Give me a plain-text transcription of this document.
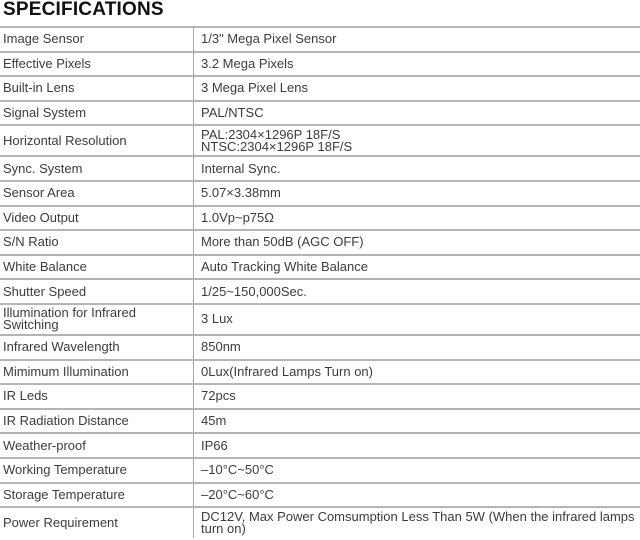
SPECIFICATIONS
Image Sensor	1/3" Mega Pixel Sensor
Effective Pixels	3.2 Mega Pixels
Built-in Lens	3 Mega Pixel Lens
Signal System	PAL/NTSC
Horizontal Resolution	PAL:2304×1296P 18F/S
NTSC:2304×1296P 18F/S

Sync. System	Internal Sync.
Sensor Area	5.07×3.38mm
Video Output	1.0Vp~p75Ω
S/N Ratio	More than 50dB (AGC OFF)
White Balance	Auto Tracking White Balance
Shutter Speed	1/25~150,000Sec.

Illumination for Infrared
Switching	3 Lux
Infrared Wavelength	850nm
Mimimum Illumination	0Lux(Infrared Lamps Turn on)
IR Leds	72pcs
IR Radiation Distance	45m
Weather-proof	IP66
Working Temperature	–10°C~50°C
Storage Temperature	–20°C~60°C
Power Requirement	DC12V, Max Power Comsumption Less Than 5W (When the infrared lamps
turn on)
